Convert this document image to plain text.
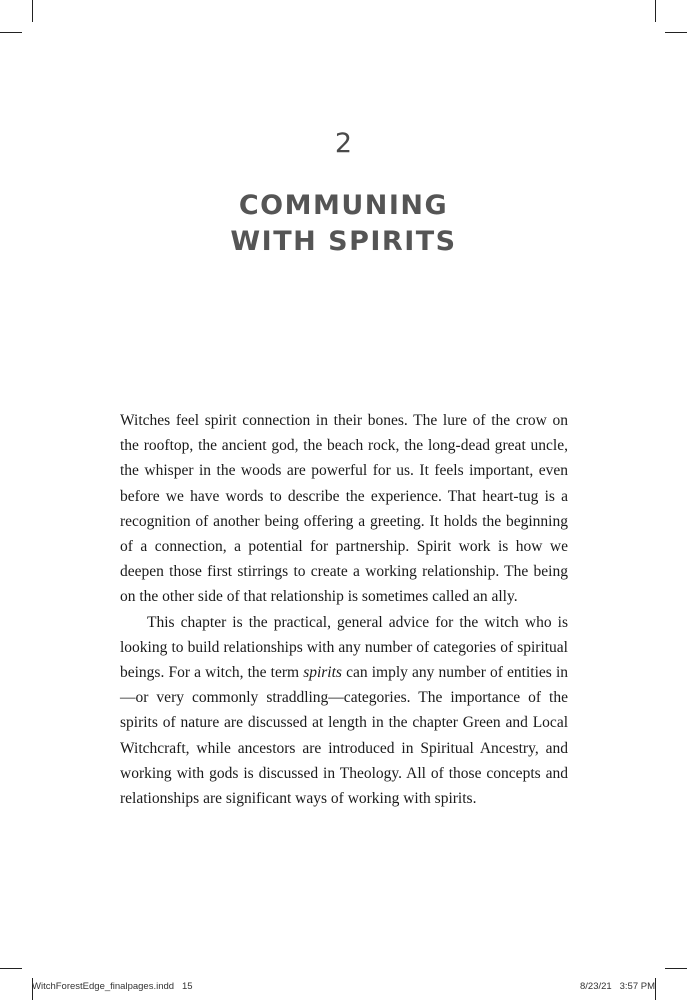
2
COMMUNING
WITH SPIRITS

Witches feel spirit connection in their bones. The lure of the crow on the rooftop, the ancient god, the beach rock, the long-dead great uncle, the whisper in the woods are powerful for us. It feels important, even before we have words to describe the experience. That heart-tug is a recognition of another being offering a greeting. It holds the beginning of a connection, a potential for partnership. Spirit work is how we deepen those first stirrings to create a working relationship. The being on the other side of that relationship is sometimes called an ally.

This chapter is the practical, general advice for the witch who is looking to build relationships with any number of categories of spiritual beings. For a witch, the term spirits can imply any number of entities in—or very commonly straddling—categories. The importance of the spirits of nature are discussed at length in the chapter Green and Local Witchcraft, while ancestors are introduced in Spiritual Ancestry, and working with gods is discussed in Theology. All of those concepts and relationships are significant ways of working with spirits.

WitchForestEdge_finalpages.indd   15	8/23/21   3:57 PM
